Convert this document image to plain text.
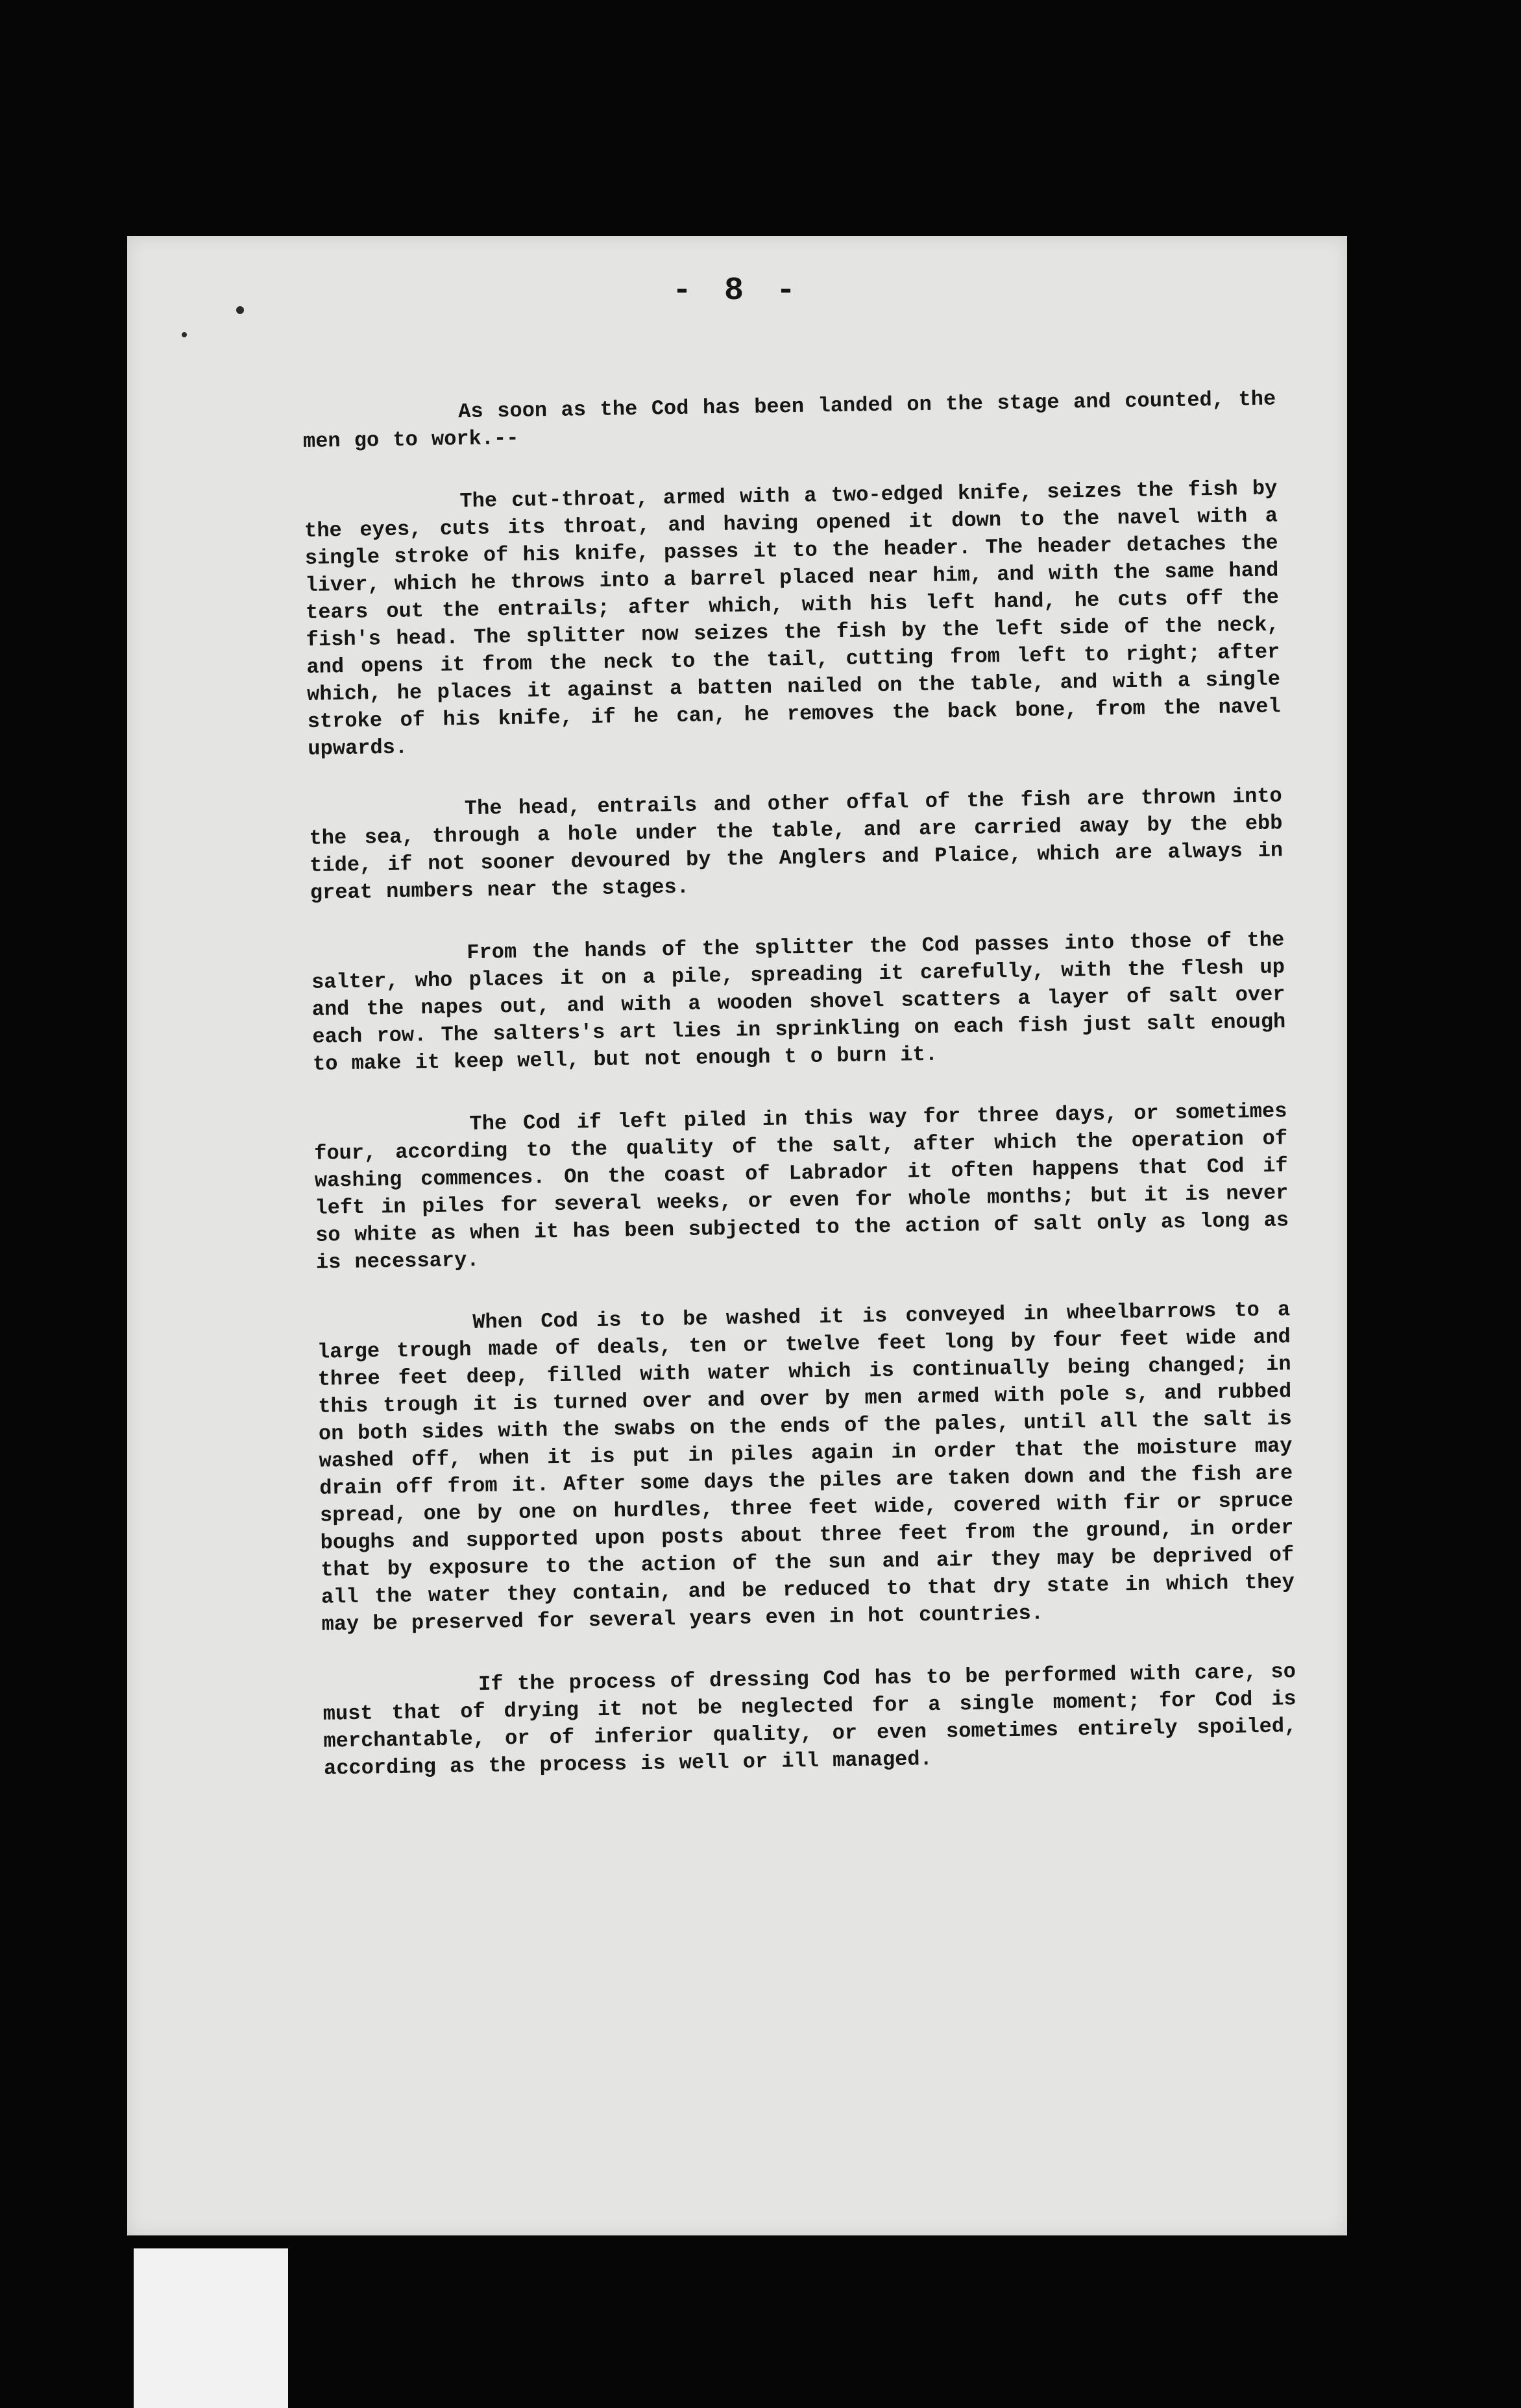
- 8 -

As soon as the Cod has been landed on the stage and counted, the men go to work.--

The cut-throat, armed with a two-edged knife, seizes the fish by the eyes, cuts its throat, and having opened it down to the navel with a single stroke of his knife, passes it to the header. The header detaches the liver, which he throws into a barrel placed near him, and with the same hand tears out the entrails; after which, with his left hand, he cuts off the fish's head. The splitter now seizes the fish by the left side of the neck, and opens it from the neck to the tail, cutting from left to right; after which, he places it against a batten nailed on the table, and with a single stroke of his knife, if he can, he removes the back bone, from the navel upwards.

The head, entrails and other offal of the fish are thrown into the sea, through a hole under the table, and are carried away by the ebb tide, if not sooner devoured by the Anglers and Plaice, which are always in great numbers near the stages.

From the hands of the splitter the Cod passes into those of the salter, who places it on a pile, spreading it carefully, with the flesh up and the napes out, and with a wooden shovel scatters a layer of salt over each row. The salters's art lies in sprinkling on each fish just salt enough to make it keep well, but not enough t o burn it.

The Cod if left piled in this way for three days, or sometimes four, according to the quality of the salt, after which the operation of washing commences. On the coast of Labrador it often happens that Cod if left in piles for several weeks, or even for whole months; but it is never so white as when it has been subjected to the action of salt only as long as is necessary.

When Cod is to be washed it is conveyed in wheelbarrows to a large trough made of deals, ten or twelve feet long by four feet wide and three feet deep, filled with water which is continually being changed; in this trough it is turned over and over by men armed with pole s, and rubbed on both sides with the swabs on the ends of the pales, until all the salt is washed off, when it is put in piles again in order that the moisture may drain off from it. After some days the piles are taken down and the fish are spread, one by one on hurdles, three feet wide, covered with fir or spruce boughs and supported upon posts about three feet from the ground, in order that by exposure to the action of the sun and air they may be deprived of all the water they contain, and be reduced to that dry state in which they may be preserved for several years even in hot countries.

If the process of dressing Cod has to be performed with care, so must that of drying it not be neglected for a single moment; for Cod is merchantable, or of inferior quality, or even sometimes entirely spoiled, according as the process is well or ill managed.
